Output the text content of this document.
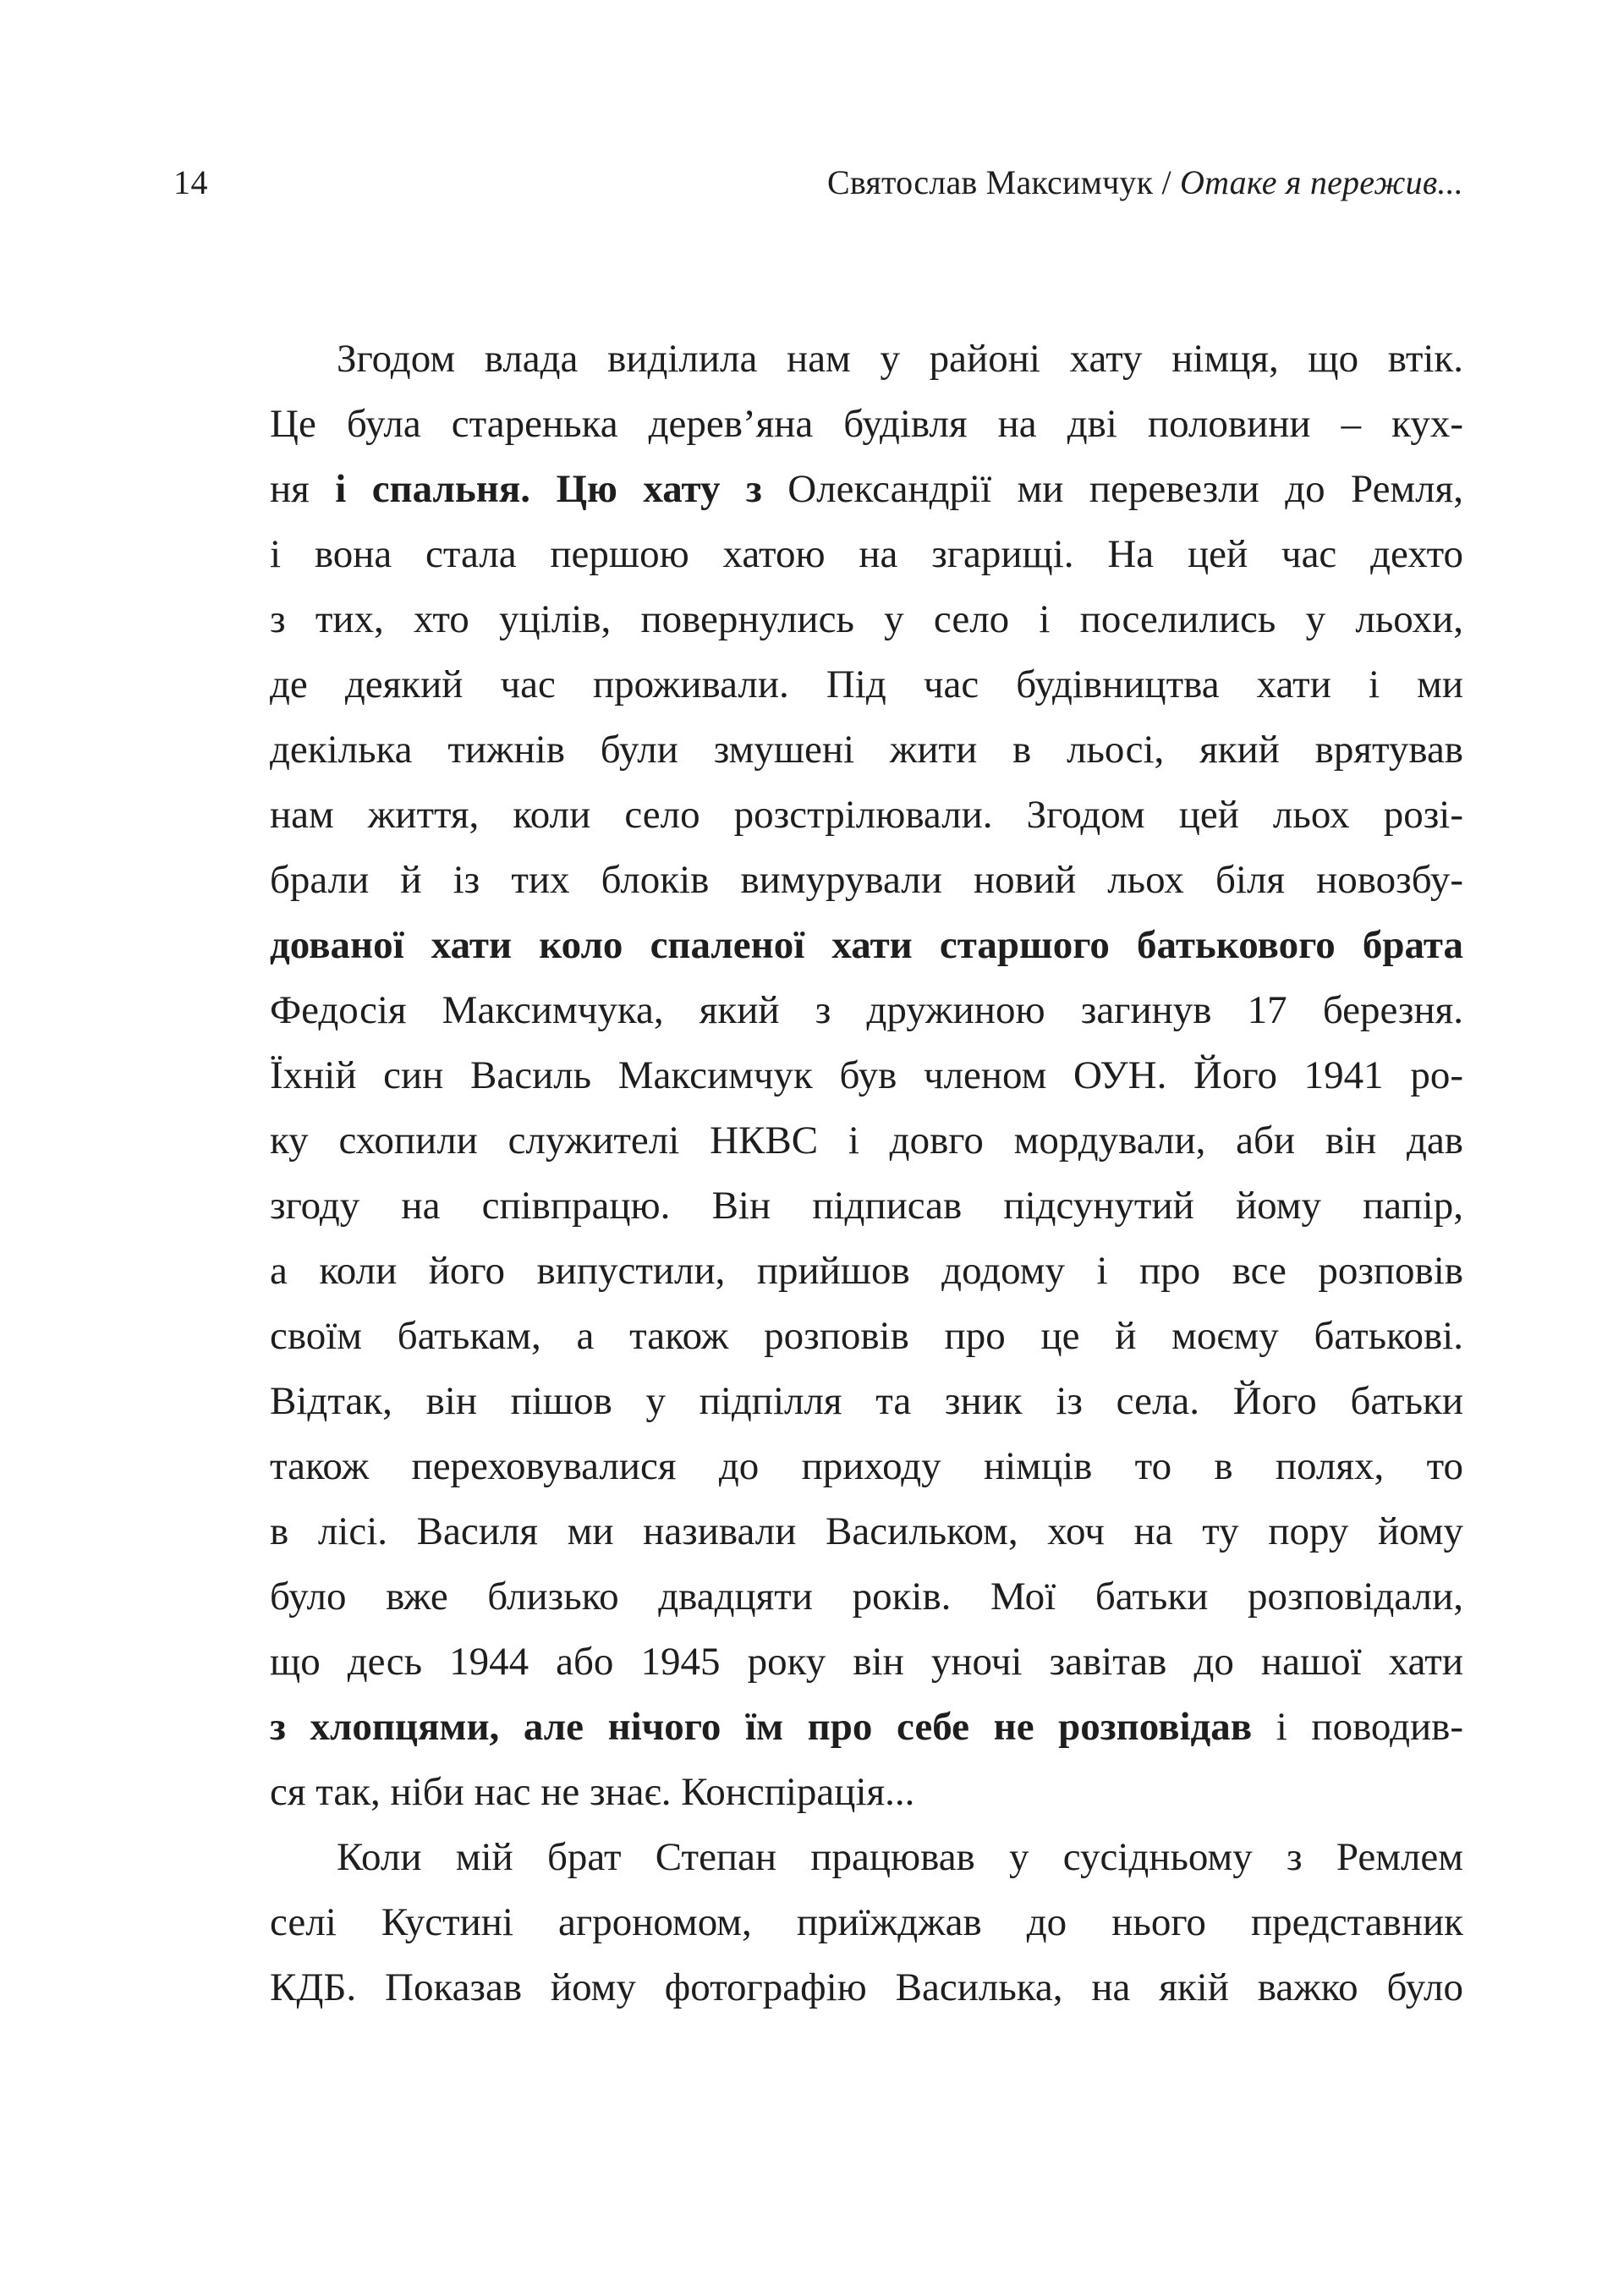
14	Святослав Максимчук / Отаке я пережив...
Згодом влада виділила нам у районі хату німця, що втік.
Це була старенька дерев’яна будівля на дві половини – кух-
ня і спальня. Цю хату з Олександрії ми перевезли до Ремля,
і вона стала першою хатою на згарищі. На цей час дехто
з тих, хто уцілів, повернулись у село і поселились у льохи,
де деякий час проживали. Під час будівництва хати і ми
декілька тижнів були змушені жити в льосі, який врятував
нам життя, коли село розстрілювали. Згодом цей льох розі-
брали й із тих блоків вимурували новий льох біля новозбу-
дованої хати коло спаленої хати старшого батькового брата
Федосія Максимчука, який з дружиною загинув 17 березня.
Їхній син Василь Максимчук був членом ОУН. Його 1941 ро-
ку схопили служителі НКВС і довго мордували, аби він дав
згоду на співпрацю. Він підписав підсунутий йому папір,
а коли його випустили, прийшов додому і про все розповів
своїм батькам, а також розповів про це й моєму батькові.
Відтак, він пішов у підпілля та зник із села. Його батьки
також переховувалися до приходу німців то в полях, то
в лісі. Василя ми називали Васильком, хоч на ту пору йому
було вже близько двадцяти років. Мої батьки розповідали,
що десь 1944 або 1945 року він уночі завітав до нашої хати
з хлопцями, але нічого їм про себе не розповідав і поводив-
ся так, ніби нас не знає. Конспірація...
Коли мій брат Степан працював у сусідньому з Ремлем
селі Кустині агрономом, приїжджав до нього представник
КДБ. Показав йому фотографію Василька, на якій важко було
